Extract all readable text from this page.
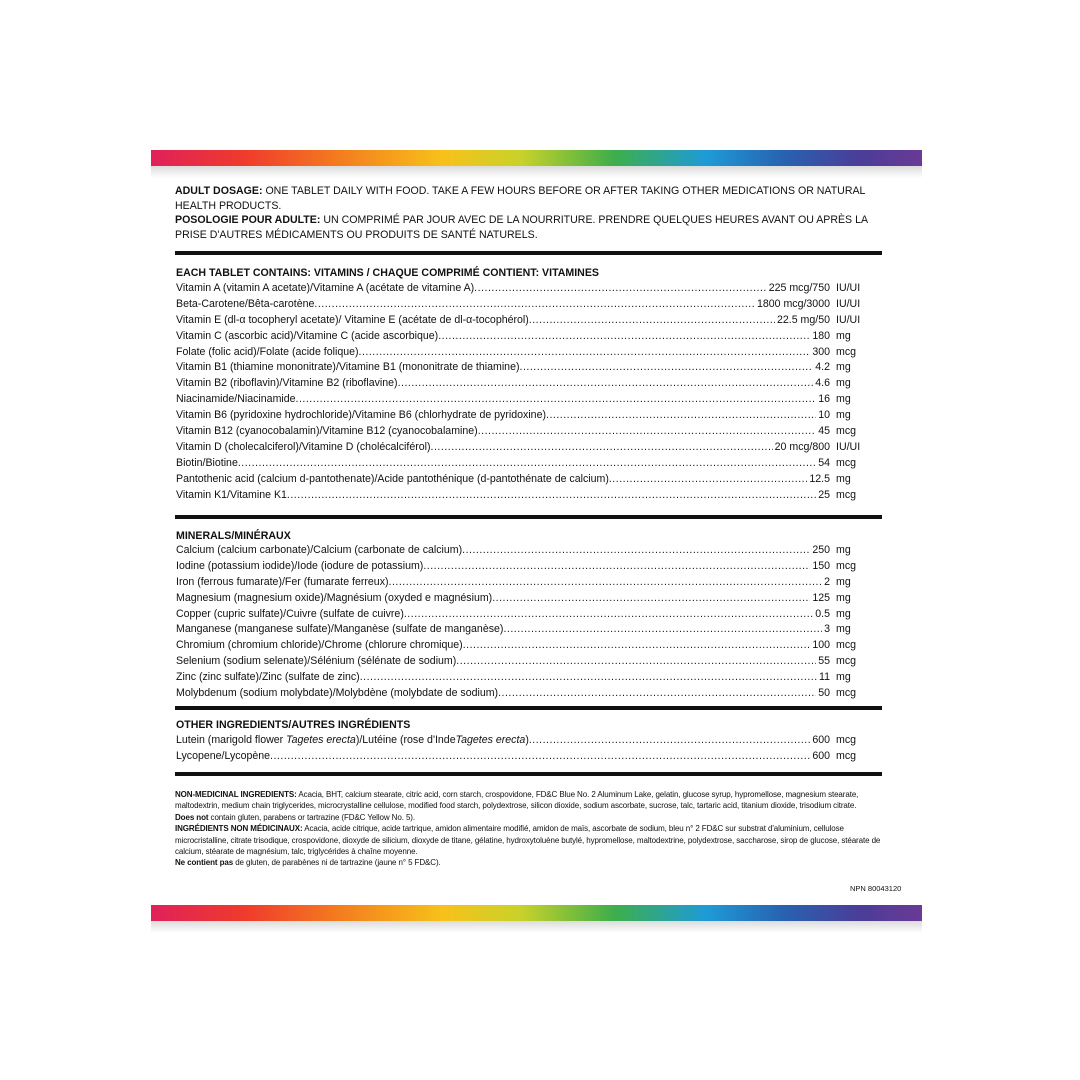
ADULT DOSAGE: ONE TABLET DAILY WITH FOOD. TAKE A FEW HOURS BEFORE OR AFTER TAKING OTHER MEDICATIONS OR NATURAL HEALTH PRODUCTS.
POSOLOGIE POUR ADULTE: UN COMPRIMÉ PAR JOUR AVEC DE LA NOURRITURE. PRENDRE QUELQUES HEURES AVANT OU APRÈS LA PRISE D'AUTRES MÉDICAMENTS OU PRODUITS DE SANTÉ NATURELS.
EACH TABLET CONTAINS: VITAMINS / CHAQUE COMPRIMÉ CONTIENT: VITAMINES
Vitamin A (vitamin A acetate)/Vitamine A (acétate de vitamine A) .....	225 mcg/750 IU/UI
Beta-Carotene/Bêta-carotène .....	1800 mcg/3000 IU/UI
Vitamin E (dl-α tocopheryl acetate)/ Vitamine E (acétate de dl-α-tocophérol) .....	22.5 mg/50 IU/UI
Vitamin C (ascorbic acid)/Vitamine C (acide ascorbique) .....	180 mg
Folate (folic acid)/Folate (acide folique) .....	300 mcg
Vitamin B1 (thiamine mononitrate)/Vitamine B1 (mononitrate de thiamine) .....	4.2 mg
Vitamin B2 (riboflavin)/Vitamine B2 (riboflavine) .....	4.6 mg
Niacinamide/Niacinamide .....	16 mg
Vitamin B6 (pyridoxine hydrochloride)/Vitamine B6 (chlorhydrate de pyridoxine) .....	10 mg
Vitamin B12 (cyanocobalamin)/Vitamine B12 (cyanocobalamine) .....	45 mcg
Vitamin D (cholecalciferol)/Vitamine D (cholécalciférol) .....	20 mcg/800 IU/UI
Biotin/Biotine .....	54 mcg
Pantothenic acid (calcium d-pantothenate)/Acide pantothénique (d-pantothénate de calcium) .....	12.5 mg
Vitamin K1/Vitamine K1 .....	25 mcg
MINERALS/MINÉRAUX
Calcium (calcium carbonate)/Calcium (carbonate de calcium) .....	250 mg
Iodine (potassium iodide)/Iode (iodure de potassium) .....	150 mcg
Iron (ferrous fumarate)/Fer (fumarate ferreux) .....	2 mg
Magnesium (magnesium oxide)/Magnésium (oxyded e magnésium) .....	125 mg
Copper (cupric sulfate)/Cuivre (sulfate de cuivre) .....	0.5 mg
Manganese (manganese sulfate)/Manganèse (sulfate de manganèse) .....	3 mg
Chromium (chromium chloride)/Chrome (chlorure chromique) .....	100 mcg
Selenium (sodium selenate)/Sélénium (sélénate de sodium) .....	55 mcg
Zinc (zinc sulfate)/Zinc (sulfate de zinc) .....	11 mg
Molybdenum (sodium molybdate)/Molybdène (molybdate de sodium) .....	50 mcg
OTHER INGREDIENTS/AUTRES INGRÉDIENTS
Lutein (marigold flower Tagetes erecta)/Lutéine (rose d'IndeTagetes erecta) .....	600 mcg
Lycopene/Lycopène .....	600 mcg
NON-MEDICINAL INGREDIENTS: Acacia, BHT, calcium stearate, citric acid, corn starch, crospovidone, FD&C Blue No. 2 Aluminum Lake, gelatin, glucose syrup, hypromellose, magnesium stearate, maltodextrin, medium chain triglycerides, microcrystalline cellulose, modified food starch, polydextrose, silicon dioxide, sodium ascorbate, sucrose, talc, tartaric acid, titanium dioxide, trisodium citrate.
Does not contain gluten, parabens or tartrazine (FD&C Yellow No. 5).
INGRÉDIENTS NON MÉDICINAUX: Acacia, acide citrique, acide tartrique, amidon alimentaire modifié, amidon de maïs, ascorbate de sodium, bleu n° 2 FD&C sur substrat d'aluminium, cellulose microcristalline, citrate trisodique, crospovidone, dioxyde de silicium, dioxyde de titane, gélatine, hydroxytoluène butylé, hypromellose, maltodextrine, polydextrose, saccharose, sirop de glucose, stéarate de calcium, stéarate de magnésium, talc, triglycérides à chaîne moyenne.
Ne contient pas de gluten, de parabènes ni de tartrazine (jaune n° 5 FD&C).
NPN 80043120
